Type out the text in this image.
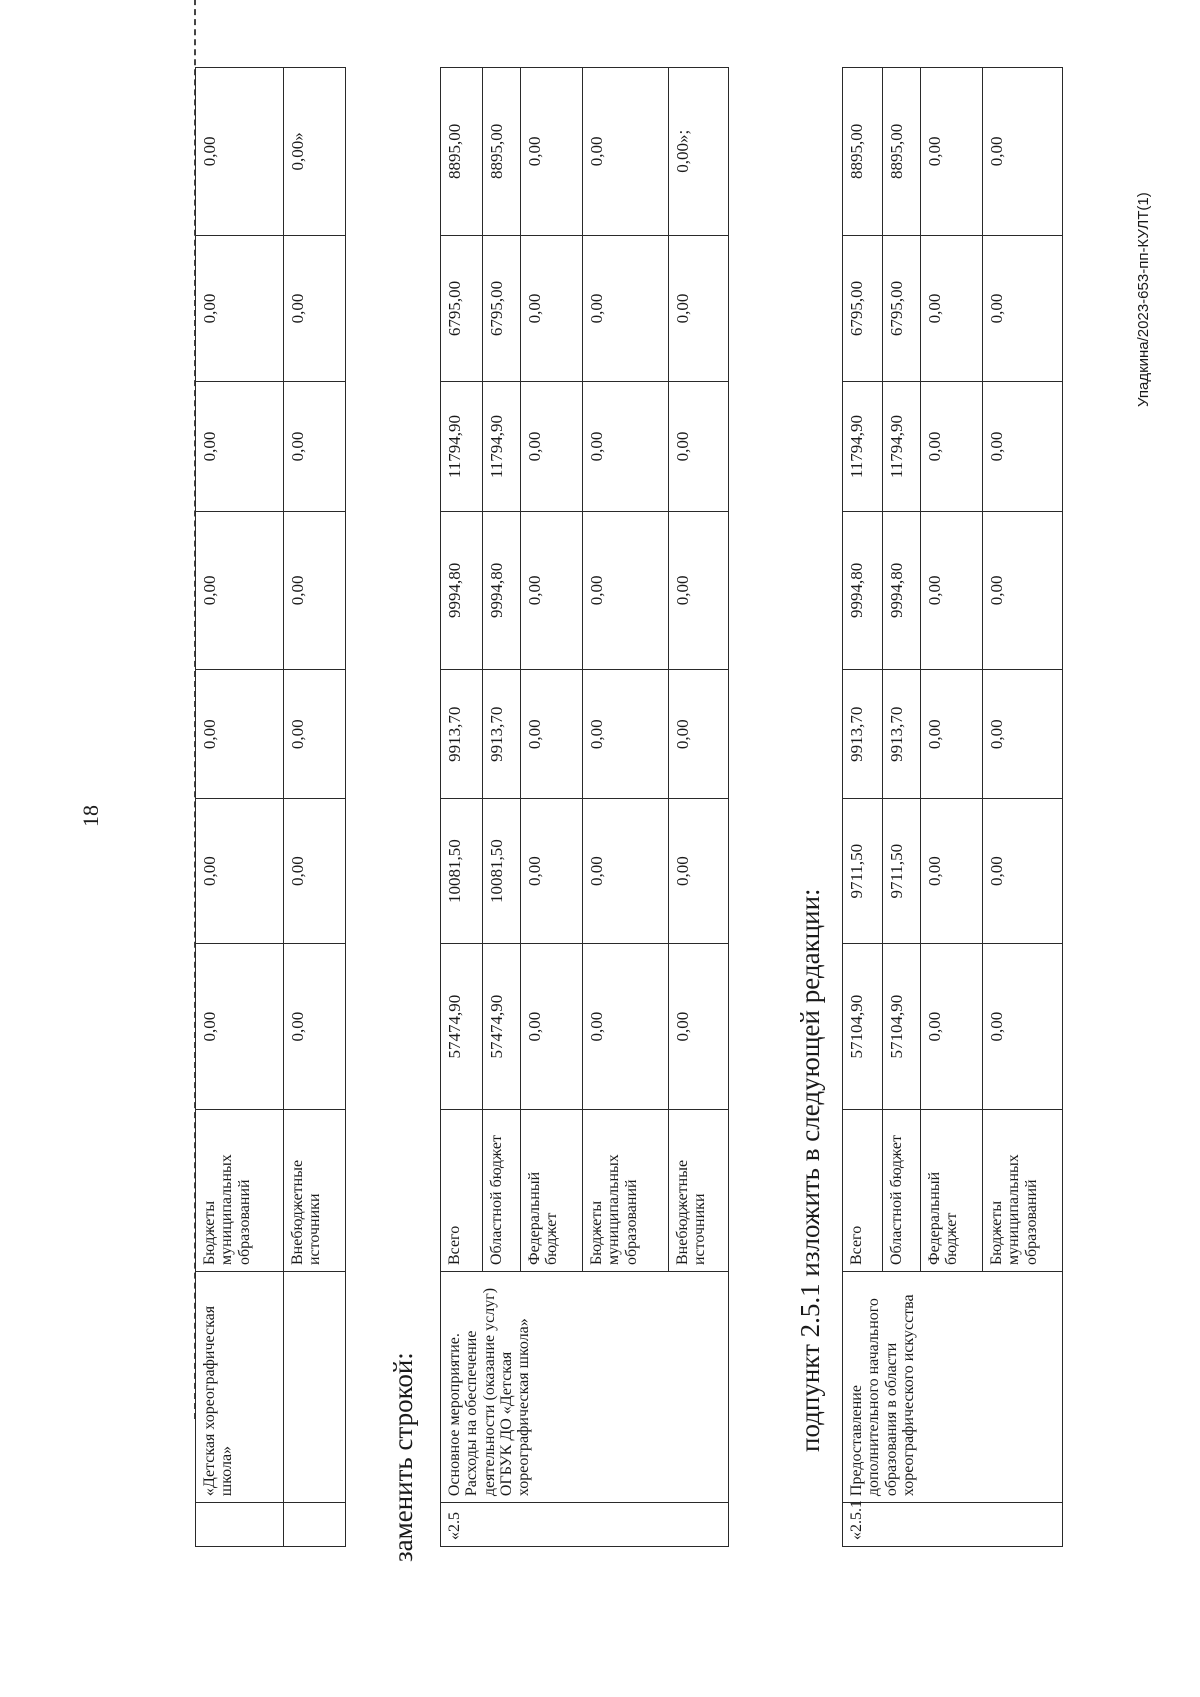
18
	«Детская хореографическая школа»	Бюджеты муниципальных образований	0,00	0,00	0,00	0,00	0,00	0,00	0,00
		Внебюджетные источники	0,00	0,00	0,00	0,00	0,00	0,00	0,00»
заменить строкой: «2.5	Основное мероприятие. Расходы на обеспечение деятельности (оказание услуг) ОГБУК ДО «Детская хореографическая школа»	Всего	57474,90	10081,50	9913,70	9994,80	11794,90	6795,00	8895,00
		Областной бюджет	57474,90	10081,50	9913,70	9994,80	11794,90	6795,00	8895,00
		Федеральный бюджет	0,00	0,00	0,00	0,00	0,00	0,00	0,00
		Бюджеты муниципальных образований	0,00	0,00	0,00	0,00	0,00	0,00	0,00
		Внебюджетные источники	0,00	0,00	0,00	0,00	0,00	0,00	0,00»;
подпункт 2.5.1 изложить в следующей редакции:
«2.5.1	Предоставление дополнительного начального образования в области хореографического искусства	Всего	57104,90	9711,50	9913,70	9994,80	11794,90	6795,00	8895,00
		Областной бюджет	57104,90	9711,50	9913,70	9994,80	11794,90	6795,00	8895,00
		Федеральный бюджет	0,00	0,00	0,00	0,00	0,00	0,00	0,00
		Бюджеты муниципальных образований	0,00	0,00	0,00	0,00	0,00	0,00	0,00
Упадкина/2023-653-пп-КУЛТ(1)
